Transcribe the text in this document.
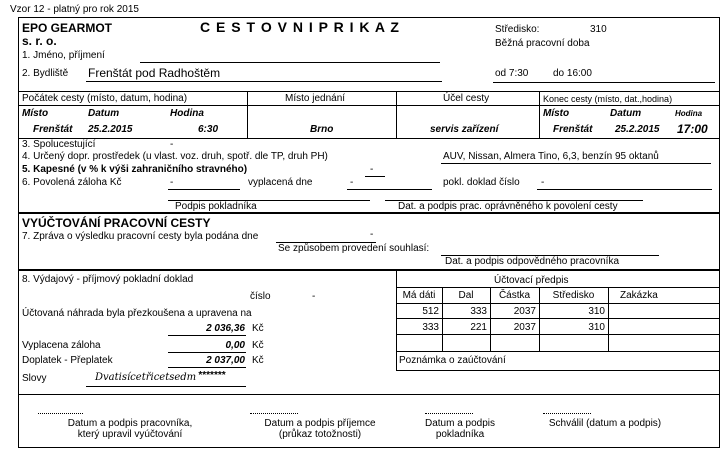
Vzor 12 - platný pro rok 2015
EPO GEARMOT
s. r. o.
C E S T O V N I P R I K A Z	Středisko:	310
Běžná pracovní doba
1. Jméno, příjmení
2. Bydliště Frenštát pod Radhoštěm	od 7:30 do 16:00
Počátek cesty (místo, datum, hodina)	Místo jednání	Účel cesty	Konec cesty (místo, dat.,hodina)
Místo	Datum	Hodina	Místo	Datum	Hodina
Frenštát 25.2.2015	6:30	Brno	servis zařízení	Frenštát 25.2.2015 17:00
3. Spolucestující	-
4. Určený dopr. prostředek (u vlast. voz. druh, spotř. dle TP, druh PH)	AUV, Nissan, Almera Tino, 6,3, benzín 95 oktanů
5. Kapesné (v % k výši zahraničního stravného)	-
6. Povolená záloha Kč	-	vyplacená dne	-	pokl. doklad číslo -
Podpis pokladníka	Dat. a podpis prac. oprávněného k povolení cesty
VYÚČTOVÁNÍ PRACOVNÍ CESTY
7. Zpráva o výsledku pracovní cesty byla podána dne	-
Se způsobem provedení souhlasí:
Dat. a podpis odpovědného pracovníka
8. Výdajový - příjmový pokladní doklad
číslo	-
Účtovaná náhrada byla přezkoušena a upravena na
2 036,36 Kč
Vyplacena záloha	0,00 Kč
Doplatek - Přeplatek	2 037,00 Kč
Slovy	Dvatisícetřicetsedm *******
Účtovací předpis
Má dáti	Dal	Částka	Středisko	Zakázka
512	333	2037	310
333	221	2037	310
Poznámka o zaúčtování
Datum a podpis pracovníka,
který upravil vyúčtování
Datum a podpis příjemce
(průkaz totožnosti)
Datum a podpis
pokladníka
Schválil (datum a podpis)
